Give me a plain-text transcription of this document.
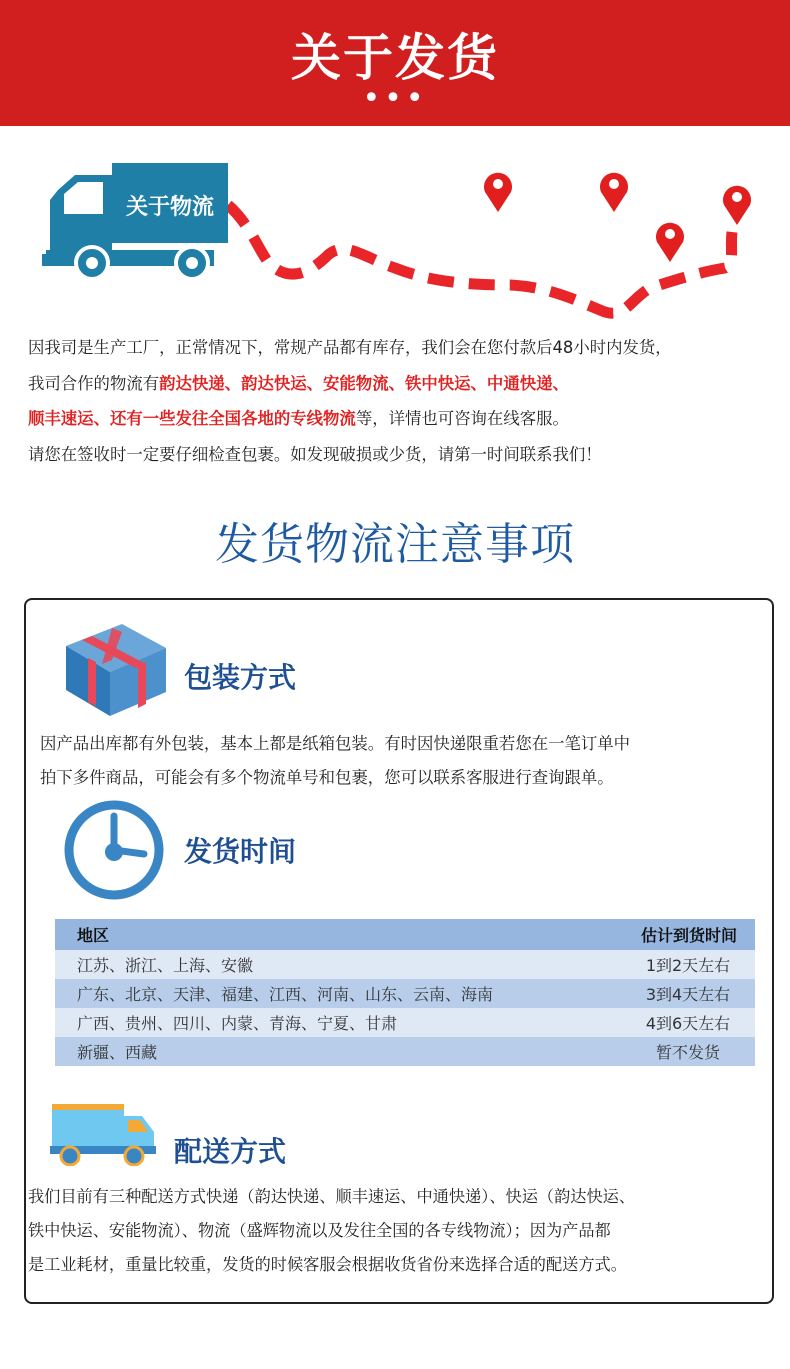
关于发货
•••
关于物流

因我司是生产工厂，正常情况下，常规产品都有库存，我们会在您付款后48小时内发货，

我司合作的物流有韵达快递、韵达快运、安能物流、铁中快运、中通快递、

顺丰速运、还有一些发往全国各地的专线物流等，详情也可咨询在线客服。

请您在签收时一定要仔细检查包裹。如发现破损或少货，请第一时间联系我们！

发货物流注意事项
包装方式
因产品出库都有外包装，基本上都是纸箱包装。有时因快递限重若您在一笔订单中
拍下多件商品，可能会有多个物流单号和包裹，您可以联系客服进行查询跟单。
发货时间
地区	估计到货时间
江苏、浙江、上海、安徽	1到2天左右
广东、北京、天津、福建、江西、河南、山东、云南、海南	3到4天左右
广西、贵州、四川、内蒙、青海、宁夏、甘肃	4到6天左右
新疆、西藏	暂不发货
配送方式
我们目前有三种配送方式快递（韵达快递、顺丰速运、中通快递）、快运（韵达快运、
铁中快运、安能物流）、物流（盛辉物流以及发往全国的各专线物流）；因为产品都
是工业耗材，重量比较重，发货的时候客服会根据收货省份来选择合适的配送方式。
